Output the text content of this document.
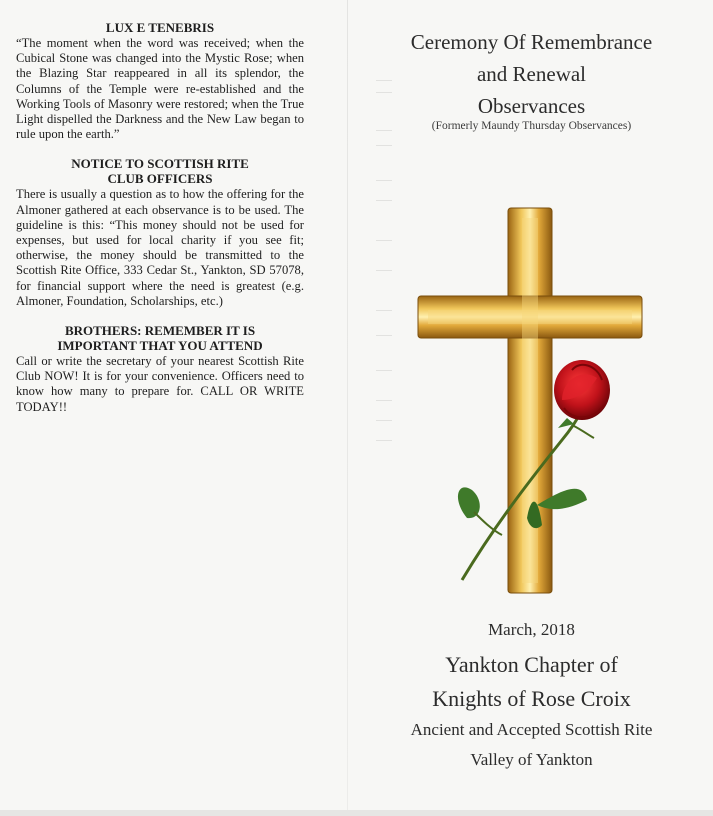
LUX E TENEBRIS

“The moment when the word was received; when the Cubical Stone was changed into the Mystic Rose; when the Blazing Star reappeared in all its splendor, the Columns of the Temple were re-established and the Working Tools of Masonry were restored; when the True Light dispelled the Darkness and the New Law began to rule upon the earth.”

NOTICE TO SCOTTISH RITE
CLUB OFFICERS

There is usually a question as to how the offering for the Almoner gathered at each observance is to be used. The guideline is this: “This money should not be used for expenses, but used for local charity if you see fit; otherwise, the money should be transmitted to the Scottish Rite Office, 333 Cedar St., Yankton, SD 57078, for financial support where the need is greatest (e.g. Almoner, Foundation, Scholarships, etc.)

BROTHERS: REMEMBER IT IS
IMPORTANT THAT YOU ATTEND

Call or write the secretary of your nearest Scottish Rite Club NOW! It is for your convenience. Officers need to know how many to prepare for. CALL OR WRITE TODAY!!

Ceremony Of Remembrance
and Renewal
Observances
(Formerly Maundy Thursday Observances)
March, 2018
Yankton Chapter of
Knights of Rose Croix
Ancient and Accepted Scottish Rite
Valley of Yankton
